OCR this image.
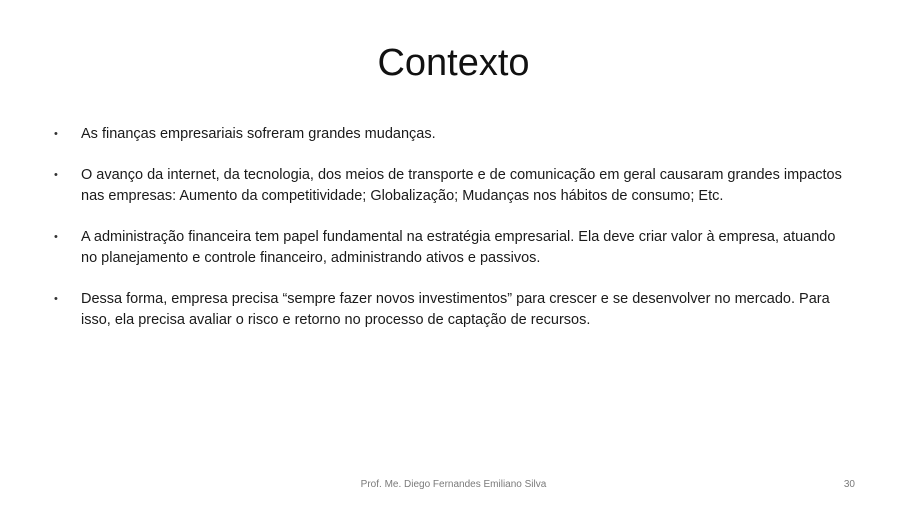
Contexto
• As finanças empresariais sofreram grandes mudanças.
• O avanço da internet, da tecnologia, dos meios de transporte e de comunicação em geral causaram grandes impactos nas empresas: Aumento da competitividade; Globalização; Mudanças nos hábitos de consumo; Etc.
• A administração financeira tem papel fundamental na estratégia empresarial. Ela deve criar valor à empresa, atuando no planejamento e controle financeiro, administrando ativos e passivos.
• Dessa forma, empresa precisa “sempre fazer novos investimentos” para crescer e se desenvolver no mercado. Para isso, ela precisa avaliar o risco e retorno no processo de captação de recursos.
Prof. Me. Diego Fernandes Emiliano Silva	30
